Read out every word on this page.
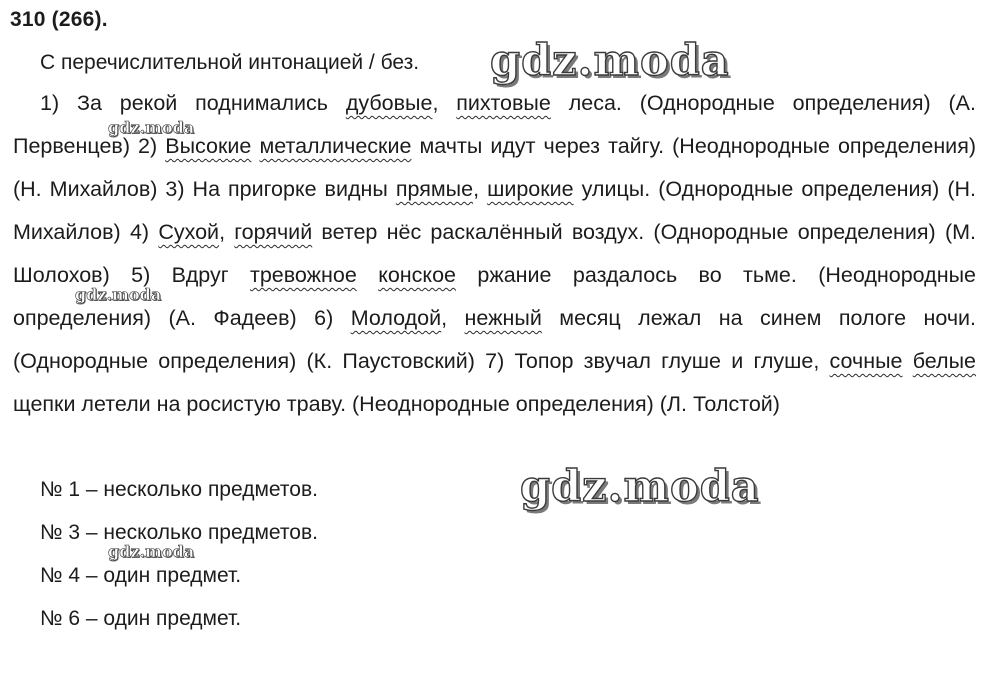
310 (266).
С перечислительной интонацией / без.
1) За рекой поднимались дубовые, пихтовые леса. (Однородные определения) (А. Первенцев) 2) Высокие металлические мачты идут через тайгу. (Неоднородные определения) (Н. Михайлов) 3) На пригорке видны прямые, широкие улицы. (Однородные определения) (Н. Михайлов) 4) Сухой, горячий ветер нёс раскалённый воздух. (Однородные определения) (М. Шолохов) 5) Вдруг тревожное конское ржание раздалось во тьме. (Неоднородные определения) (А. Фадеев) 6) Молодой, нежный месяц лежал на синем пологе ночи. (Однородные определения) (К. Паустовский) 7) Топор звучал глуше и глуше, сочные белые щепки летели на росистую траву. (Неоднородные определения) (Л. Толстой)
№ 1 – несколько предметов.
№ 3 – несколько предметов.
№ 4 – один предмет.
№ 6 – один предмет.
gdz.moda
gdz.moda
gdz.moda
gdz.moda
gdz.moda
